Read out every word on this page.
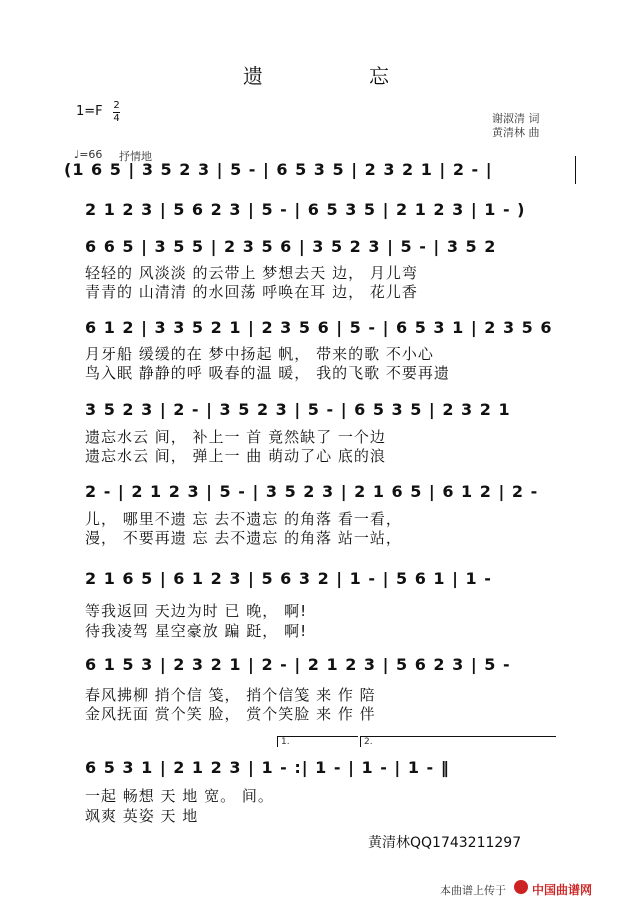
遗　　　　　忘
1=F 2
4	谢淑清 词
黄清林 曲
♩=66 抒情地
(1 6 5 | 3 5 2 3 | 5 - | 6 5 3 5 | 2 3 2 1 | 2 - |
2 1 2 3 | 5 6 2 3 | 5 - | 6 5 3 5 | 2 1 2 3 | 1 - )
6 6 5 | 3 5 5 | 2 3 5 6 | 3 5 2 3 | 5 - | 3 5 2
轻轻的 风淡淡 的云带上 梦想去天 边， 月儿弯
青青的 山清清 的水回荡 呼唤在耳 边， 花儿香
6 1 2 | 3 3 5 2 1 | 2 3 5 6 | 5 - | 6 5 3 1 | 2 3 5 6
月牙船 缓缓的在 梦中扬起 帆， 带来的歌 不小心
鸟入眠 静静的呼 吸春的温 暖， 我的飞歌 不要再遗
3 5 2 3 | 2 - | 3 5 2 3 | 5 - | 6 5 3 5 | 2 3 2 1
遗忘水云 间， 补上一 首 竟然缺了 一个边
遗忘水云 间， 弹上一 曲 萌动了心 底的浪
2 - | 2 1 2 3 | 5 - | 3 5 2 3 | 2 1 6 5 | 6 1 2 | 2 -
儿， 哪里不遗 忘 去不遗忘 的角落 看一看，
漫， 不要再遗 忘 去不遗忘 的角落 站一站，
2 1 6 5 | 6 1 2 3 | 5 6 3 2 | 1 - | 5 6 1 | 1 -
等我返回 天边为时 已 晚， 啊!
待我凌驾 星空豪放 蹁 跹， 啊!
6 1 5 3 | 2 3 2 1 | 2 - | 2 1 2 3 | 5 6 2 3 | 5 -
春风拂柳 捎个信 笺， 捎个信笺 来 作 陪
金风抚面 赏个笑 脸， 赏个笑脸 来 作 伴
1.	2.
6 5 3 1 | 2 1 2 3 | 1 - :| 1 - | 1 - | 1 - ‖
一起 畅想 天 地 宽。 间。
飒爽 英姿 天 地
黄清林QQ1743211297
本曲谱上传于 中国曲谱网
